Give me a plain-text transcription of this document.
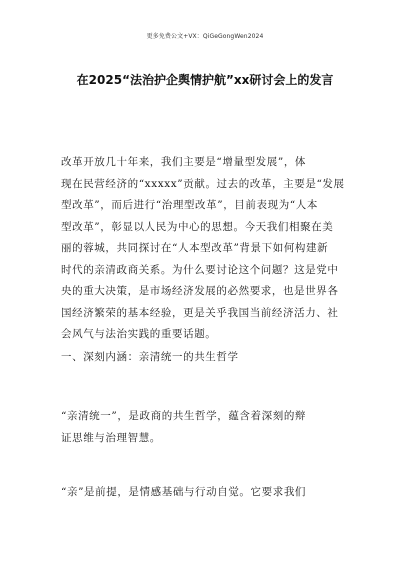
更多免费公文+VX：QiGeGongWen2024
在2025“法治护企舆情护航”xx研讨会上的发言
改革开放几十年来，我们主要是“增量型发展”，体
现在民营经济的“xxxxx”贡献。过去的改革，主要是“发展
型改革”，而后进行“治理型改革”，目前表现为“人本
型改革”，彰显以人民为中心的思想。今天我们相聚在美
丽的蓉城，共同探讨在“人本型改革”背景下如何构建新
时代的亲清政商关系。为什么要讨论这个问题？这是党中
央的重大决策，是市场经济发展的必然要求，也是世界各
国经济繁荣的基本经验，更是关乎我国当前经济活力、社
会风气与法治实践的重要话题。
一、深刻内涵：亲清统一的共生哲学
“亲清统一”，是政商的共生哲学，蕴含着深刻的辩
证思维与治理智慧。
“亲”是前提，是情感基础与行动自觉。它要求我们
